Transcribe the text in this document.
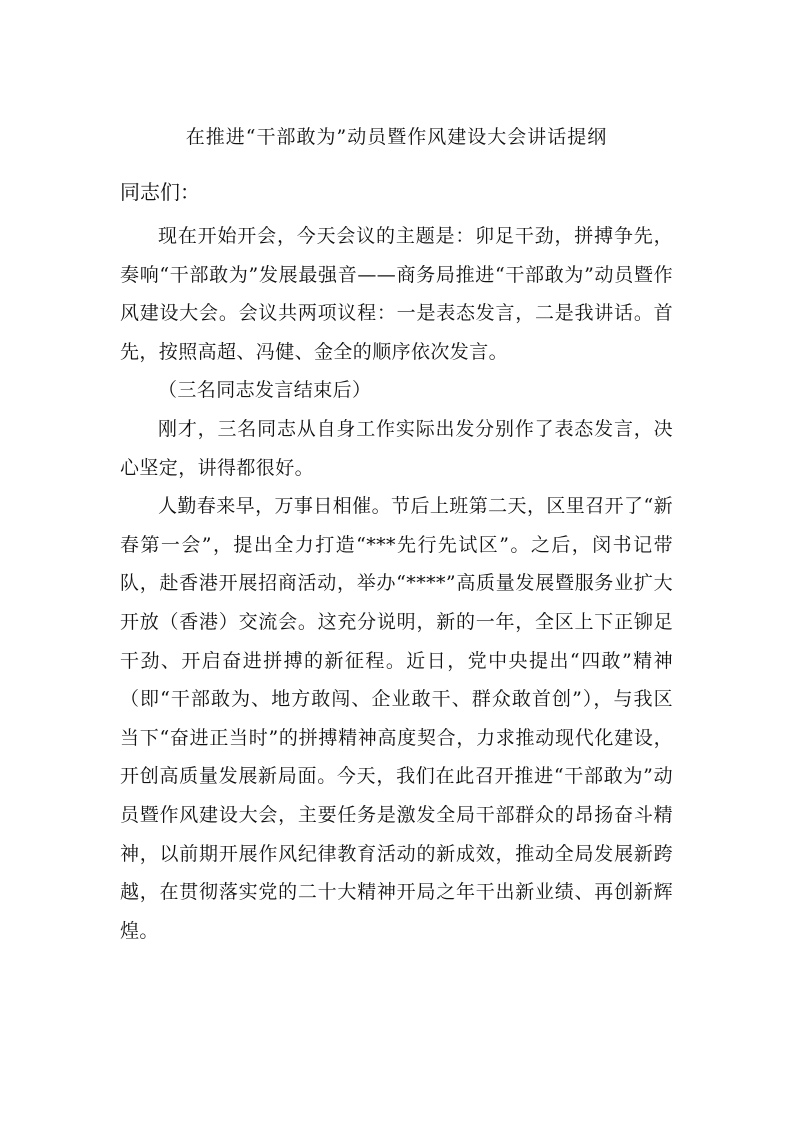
在推进“干部敢为”动员暨作风建设大会讲话提纲

同志们：

现在开始开会，今天会议的主题是：卯足干劲，拼搏争先，奏响“干部敢为”发展最强音——商务局推进“干部敢为”动员暨作风建设大会。会议共两项议程：一是表态发言，二是我讲话。首先，按照高超、冯健、金全的顺序依次发言。

（三名同志发言结束后）

刚才，三名同志从自身工作实际出发分别作了表态发言，决心坚定，讲得都很好。

人勤春来早，万事日相催。节后上班第二天，区里召开了“新春第一会”，提出全力打造“***先行先试区”。之后，闵书记带队，赴香港开展招商活动，举办“****”高质量发展暨服务业扩大开放（香港）交流会。这充分说明，新的一年，全区上下正铆足干劲、开启奋进拼搏的新征程。近日，党中央提出“四敢”精神（即“干部敢为、地方敢闯、企业敢干、群众敢首创”），与我区当下“奋进正当时”的拼搏精神高度契合，力求推动现代化建设，开创高质量发展新局面。今天，我们在此召开推进“干部敢为”动员暨作风建设大会，主要任务是激发全局干部群众的昂扬奋斗精神，以前期开展作风纪律教育活动的新成效，推动全局发展新跨越，在贯彻落实党的二十大精神开局之年干出新业绩、再创新辉煌。
